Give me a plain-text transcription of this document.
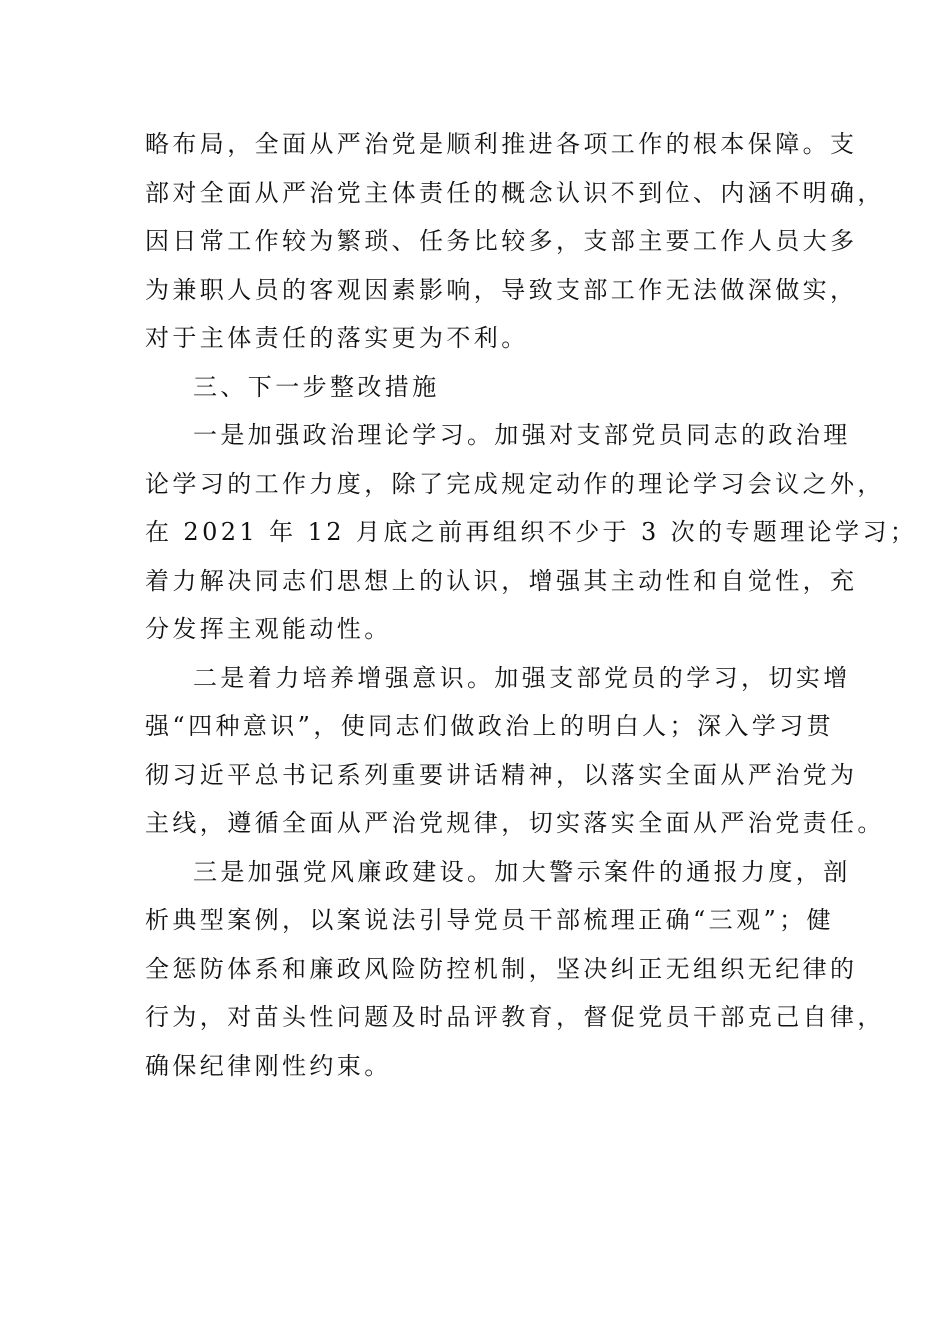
略布局，全面从严治党是顺利推进各项工作的根本保障。支
部对全面从严治党主体责任的概念认识不到位、内涵不明确，
因日常工作较为繁琐、任务比较多，支部主要工作人员大多
为兼职人员的客观因素影响，导致支部工作无法做深做实，
对于主体责任的落实更为不利。
三、下一步整改措施
一是加强政治理论学习。加强对支部党员同志的政治理
论学习的工作力度，除了完成规定动作的理论学习会议之外，
在 2021 年 12 月底之前再组织不少于 3 次的专题理论学习；
着力解决同志们思想上的认识，增强其主动性和自觉性，充
分发挥主观能动性。
二是着力培养增强意识。加强支部党员的学习，切实增
强“四种意识”，使同志们做政治上的明白人；深入学习贯
彻习近平总书记系列重要讲话精神，以落实全面从严治党为
主线，遵循全面从严治党规律，切实落实全面从严治党责任。
三是加强党风廉政建设。加大警示案件的通报力度，剖
析典型案例，以案说法引导党员干部梳理正确“三观”；健
全惩防体系和廉政风险防控机制，坚决纠正无组织无纪律的
行为，对苗头性问题及时品评教育，督促党员干部克己自律，
确保纪律刚性约束。
